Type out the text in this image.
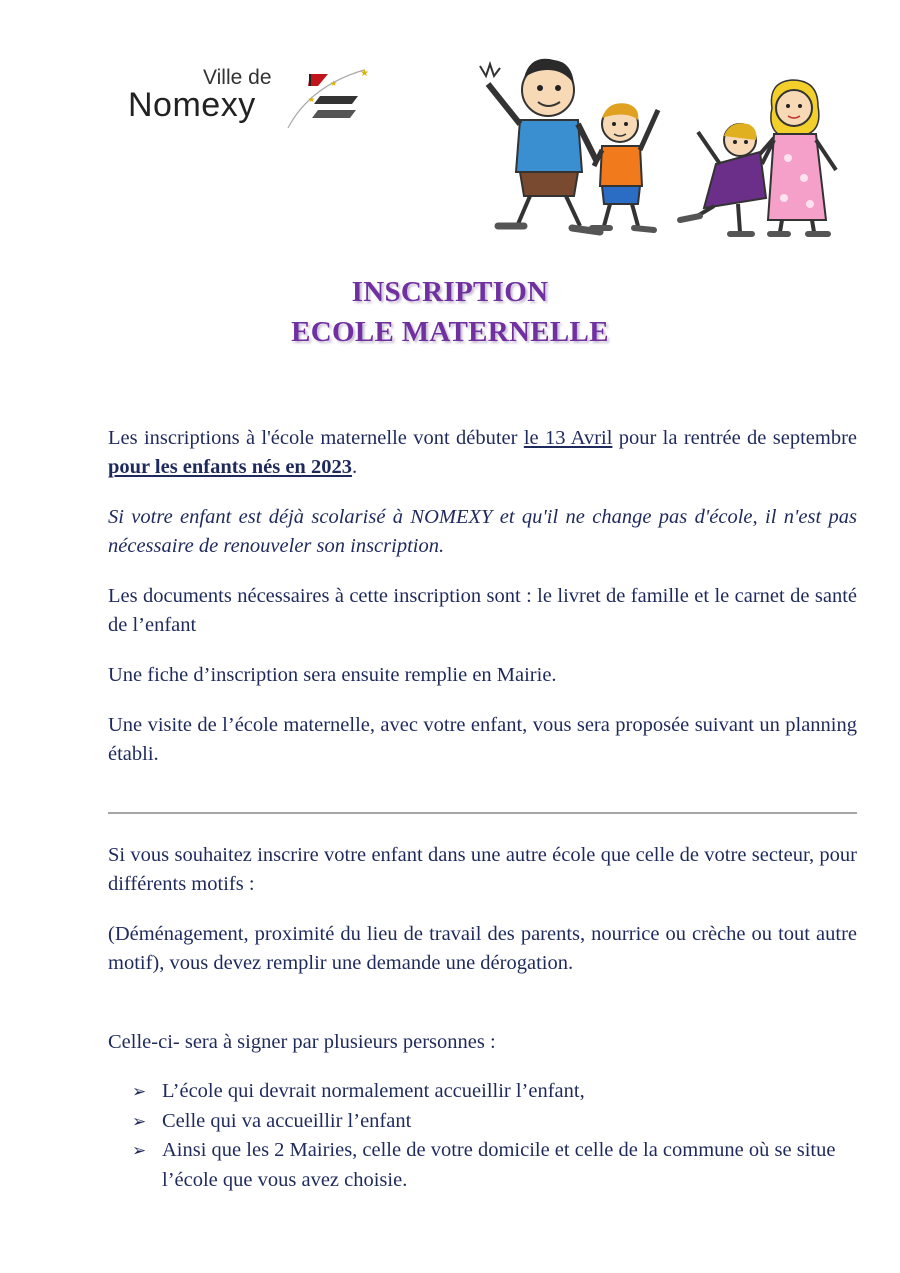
Ville de
Nomexy
★
★
★
INSCRIPTION
ECOLE MATERNELLE
Les inscriptions à l'école maternelle vont débuter le 13 Avril pour la rentrée de septembre pour les enfants nés en 2023.
Si votre enfant est déjà scolarisé à NOMEXY et qu'il ne change pas d'école, il n'est pas nécessaire de renouveler son inscription.
Les documents nécessaires à cette inscription sont : le livret de famille et le carnet de santé de l’enfant
Une fiche d’inscription sera ensuite remplie en Mairie.
Une visite de l’école maternelle, avec votre enfant, vous sera proposée suivant un planning établi.
Si vous souhaitez inscrire votre enfant dans une autre école que celle de votre secteur, pour différents motifs :
(Déménagement, proximité du lieu de travail des parents, nourrice ou crèche ou tout autre motif), vous devez remplir une demande une dérogation.
Celle-ci- sera à signer par plusieurs personnes :
➢ L’école qui devrait normalement accueillir l’enfant,
➢ Celle qui va accueillir l’enfant
➢ Ainsi que les 2 Mairies, celle de votre domicile et celle de la commune où se situe l’école que vous avez choisie.
